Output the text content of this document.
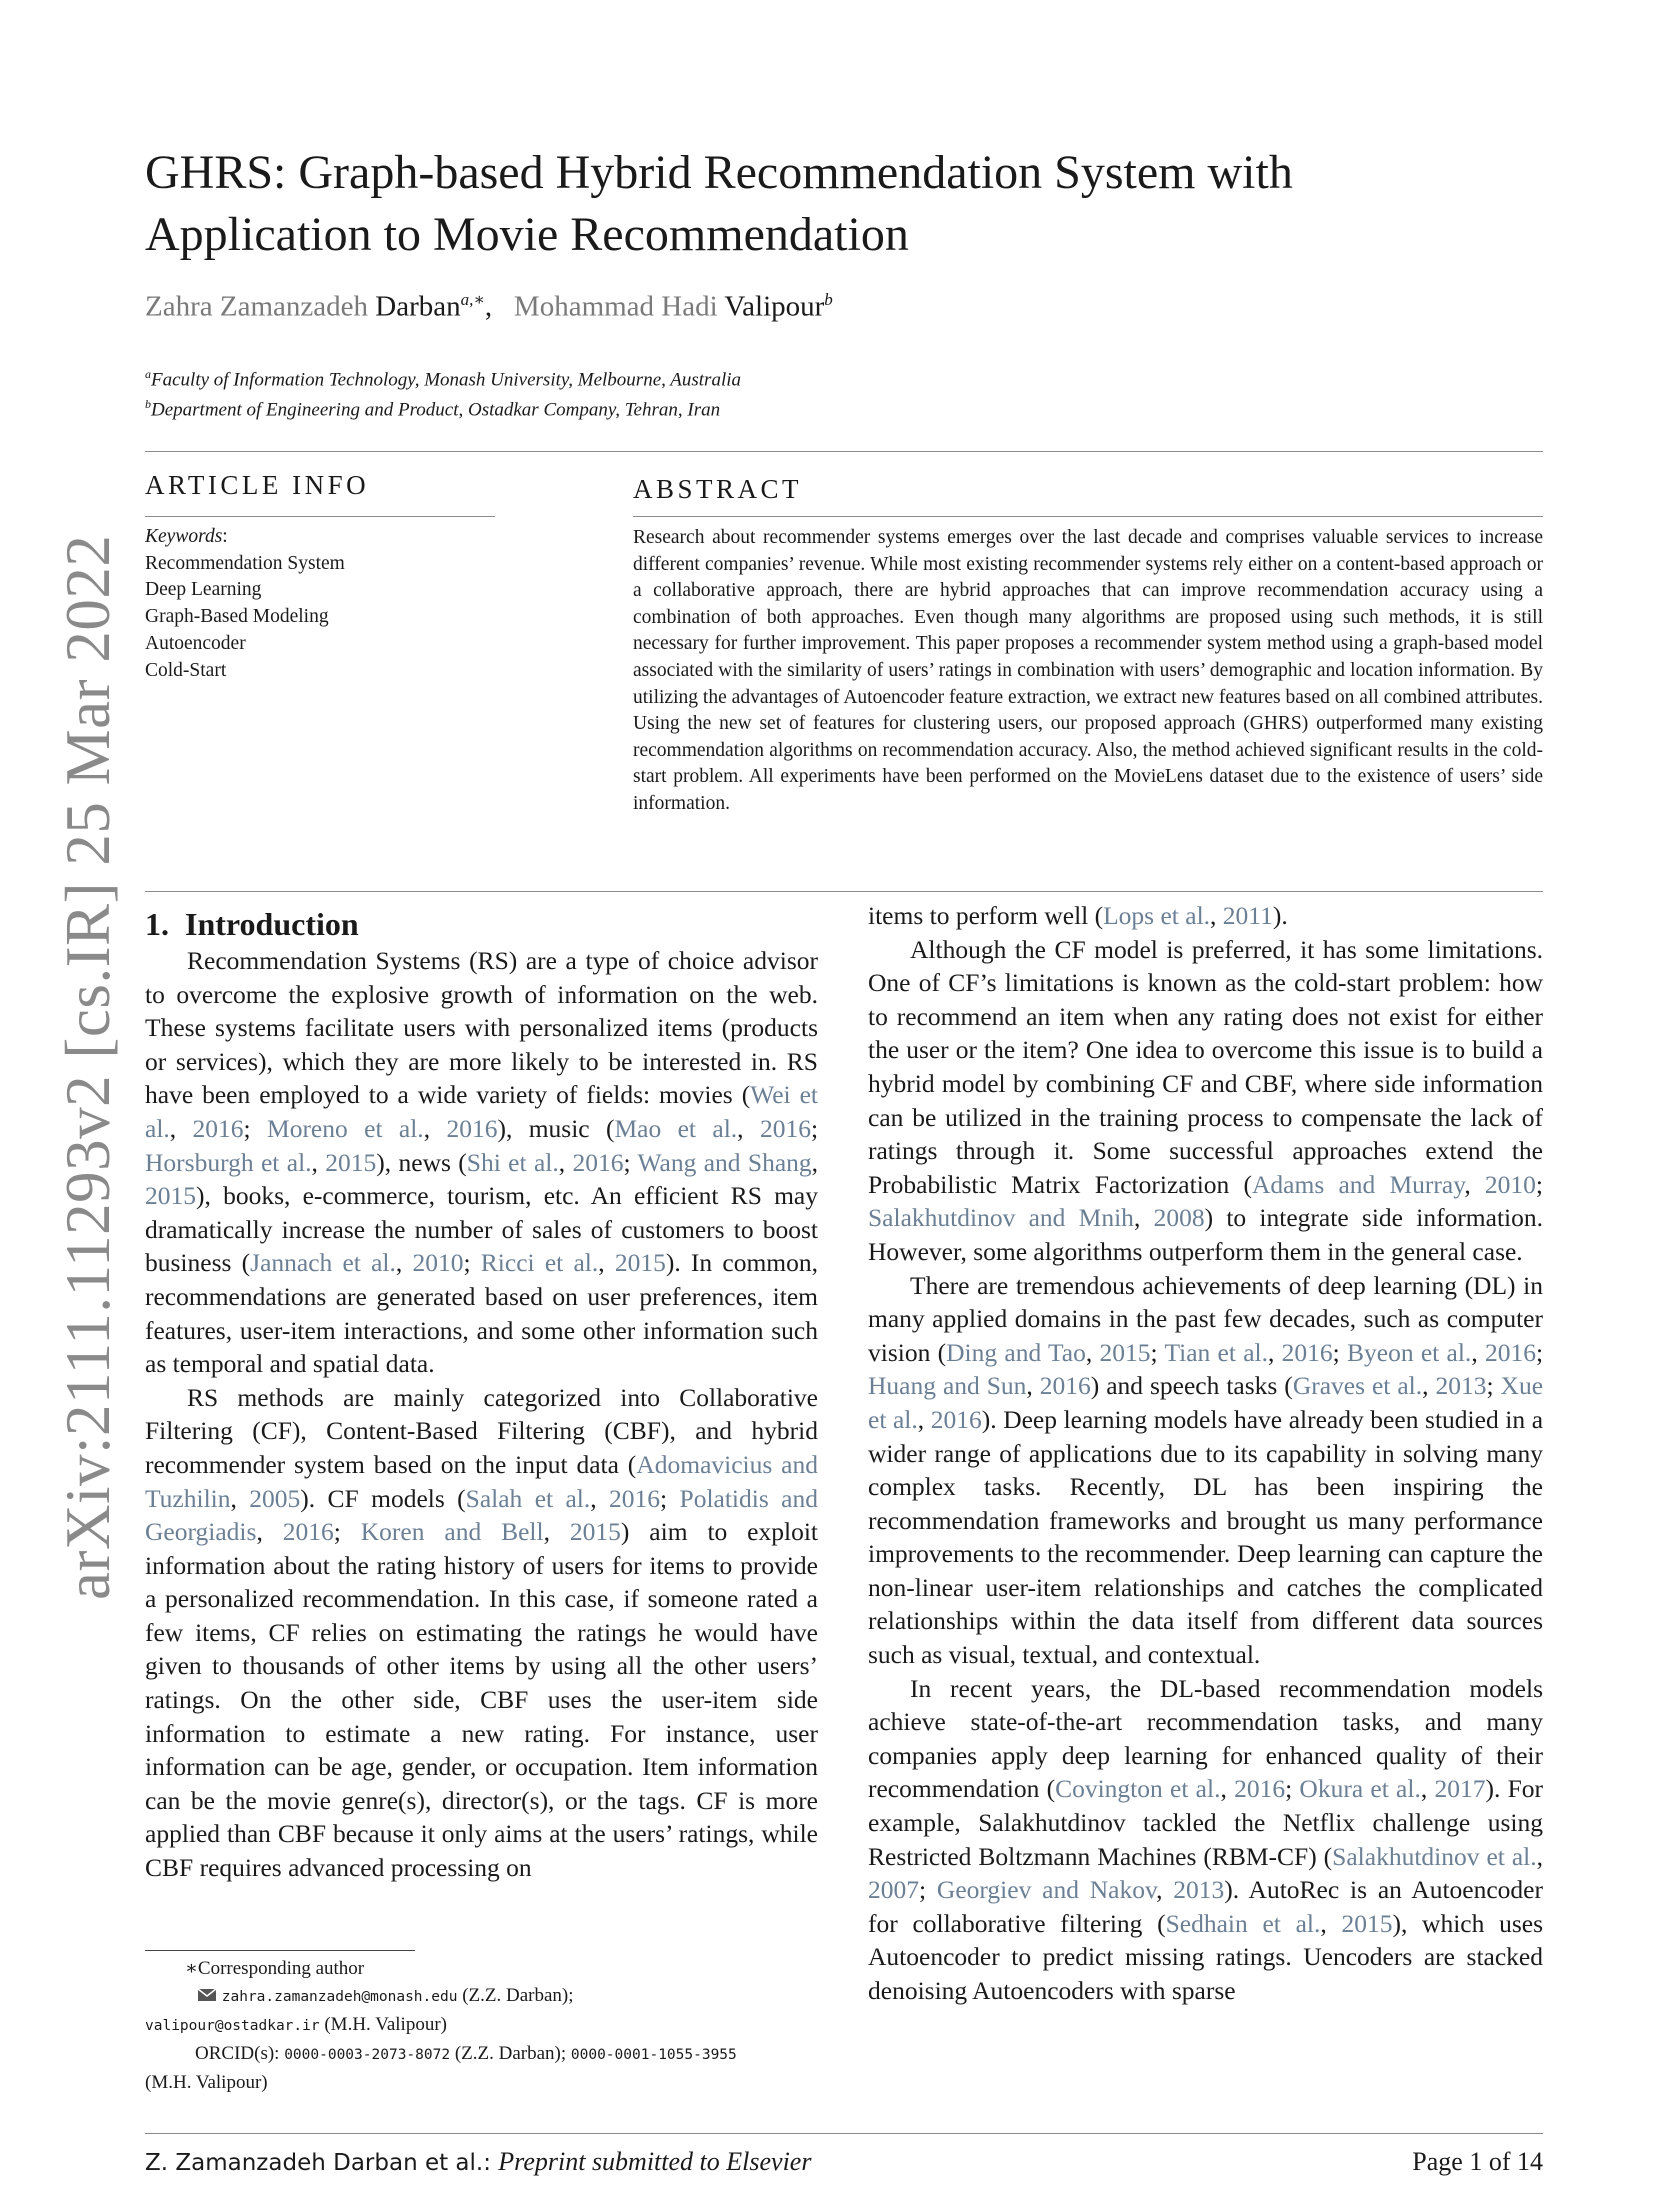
arXiv:2111.11293v2 [cs.IR] 25 Mar 2022
GHRS: Graph-based Hybrid Recommendation System with
Application to Movie Recommendation
Zahra Zamanzadeh Darban$^{a,∗}$,   Mohammad Hadi Valipour$^b$
$^a$Faculty of Information Technology, Monash University, Melbourne, Australia
$^b$Department of Engineering and Product, Ostadkar Company, Tehran, Iran
ARTICLE INFO
Keywords:
Recommendation System
Deep Learning
Graph-Based Modeling
Autoencoder
Cold-Start
ABSTRACT
Research about recommender systems emerges over the last decade and comprises valuable services to increase different companies’ revenue. While most existing recommender systems rely either on a content-based approach or a collaborative approach, there are hybrid approaches that can improve recommendation accuracy using a combination of both approaches. Even though many algorithms are proposed using such methods, it is still necessary for further improvement. This paper proposes a recommender system method using a graph-based model associated with the similarity of users’ ratings in combination with users’ demographic and location information. By utilizing the advantages of Autoencoder feature extraction, we extract new features based on all combined attributes. Using the new set of features for clustering users, our proposed approach (GHRS) outperformed many existing recommendation algorithms on recommendation accuracy. Also, the method achieved significant results in the cold-start problem. All experiments have been performed on the MovieLens dataset due to the existence of users’ side information.
1. Introduction

Recommendation Systems (RS) are a type of choice advisor to overcome the explosive growth of information on the web. These systems facilitate users with personalized items (products or services), which they are more likely to be interested in. RS have been employed to a wide variety of fields: movies (Wei et al., 2016; Moreno et al., 2016), music (Mao et al., 2016; Horsburgh et al., 2015), news (Shi et al., 2016; Wang and Shang, 2015), books, e-commerce, tourism, etc. An efficient RS may dramatically increase the number of sales of customers to boost business (Jannach et al., 2010; Ricci et al., 2015). In common, recommendations are generated based on user preferences, item features, user-item interactions, and some other information such as temporal and spatial data.

RS methods are mainly categorized into Collaborative Filtering (CF), Content-Based Filtering (CBF), and hybrid recommender system based on the input data (Adomavicius and Tuzhilin, 2005). CF models (Salah et al., 2016; Polatidis and Georgiadis, 2016; Koren and Bell, 2015) aim to exploit information about the rating history of users for items to provide a personalized recommendation. In this case, if someone rated a few items, CF relies on estimating the ratings he would have given to thousands of other items by using all the other users’ ratings. On the other side, CBF uses the user-item side information to estimate a new rating. For instance, user information can be age, gender, or occupation. Item information can be the movie genre(s), director(s), or the tags. CF is more applied than CBF because it only aims at the users’ ratings, while CBF requires advanced processing on

items to perform well (Lops et al., 2011).

Although the CF model is preferred, it has some limitations. One of CF’s limitations is known as the cold-start problem: how to recommend an item when any rating does not exist for either the user or the item? One idea to overcome this issue is to build a hybrid model by combining CF and CBF, where side information can be utilized in the training process to compensate the lack of ratings through it. Some successful approaches extend the Probabilistic Matrix Factorization (Adams and Murray, 2010; Salakhutdinov and Mnih, 2008) to integrate side information. However, some algorithms outperform them in the general case.

There are tremendous achievements of deep learning (DL) in many applied domains in the past few decades, such as computer vision (Ding and Tao, 2015; Tian et al., 2016; Byeon et al., 2016; Huang and Sun, 2016) and speech tasks (Graves et al., 2013; Xue et al., 2016). Deep learning models have already been studied in a wider range of applications due to its capability in solving many complex tasks. Recently, DL has been inspiring the recommendation frameworks and brought us many performance improvements to the recommender. Deep learning can capture the non-linear user-item relationships and catches the complicated relationships within the data itself from different data sources such as visual, textual, and contextual.

In recent years, the DL-based recommendation models achieve state-of-the-art recommendation tasks, and many companies apply deep learning for enhanced quality of their recommendation (Covington et al., 2016; Okura et al., 2017). For example, Salakhutdinov tackled the Netflix challenge using Restricted Boltzmann Machines (RBM-CF) (Salakhutdinov et al., 2007; Georgiev and Nakov, 2013). AutoRec is an Autoencoder for collaborative filtering (Sedhain et al., 2015), which uses Autoencoder to predict missing ratings. Uencoders are stacked denoising Autoencoders with sparse

∗Corresponding author
zahra.zamanzadeh@monash.edu (Z.Z. Darban);
valipour@ostadkar.ir (M.H. Valipour)
ORCID(s): 0000-0003-2073-8072 (Z.Z. Darban); 0000-0001-1055-3955
(M.H. Valipour)
Z. Zamanzadeh Darban et al.: Preprint submitted to Elsevier	Page 1 of 14
